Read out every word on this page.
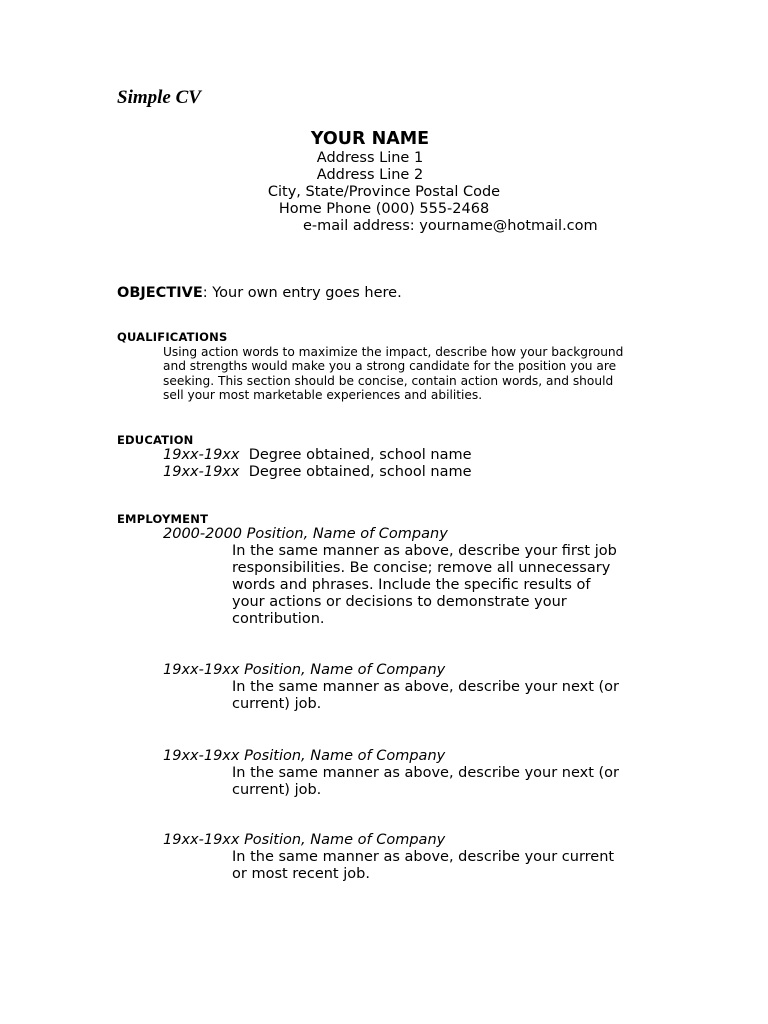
Simple CV
YOUR NAME
Address Line 1
Address Line 2
City, State/Province Postal Code
Home Phone (000) 555-2468
e-mail address: yourname@hotmail.com
OBJECTIVE: Your own entry goes here.
QUALIFICATIONS
Using action words to maximize the impact, describe how your background
and strengths would make you a strong candidate for the position you are
seeking. This section should be concise, contain action words, and should
sell your most marketable experiences and abilities.
EDUCATION
19xx-19xx Degree obtained, school name
19xx-19xx Degree obtained, school name
EMPLOYMENT
2000-2000 Position, Name of Company
In the same manner as above, describe your first job
responsibilities. Be concise; remove all unnecessary
words and phrases. Include the specific results of
your actions or decisions to demonstrate your
contribution.
19xx-19xx Position, Name of Company
In the same manner as above, describe your next (or
current) job.
19xx-19xx Position, Name of Company
In the same manner as above, describe your next (or
current) job.
19xx-19xx Position, Name of Company
In the same manner as above, describe your current
or most recent job.
